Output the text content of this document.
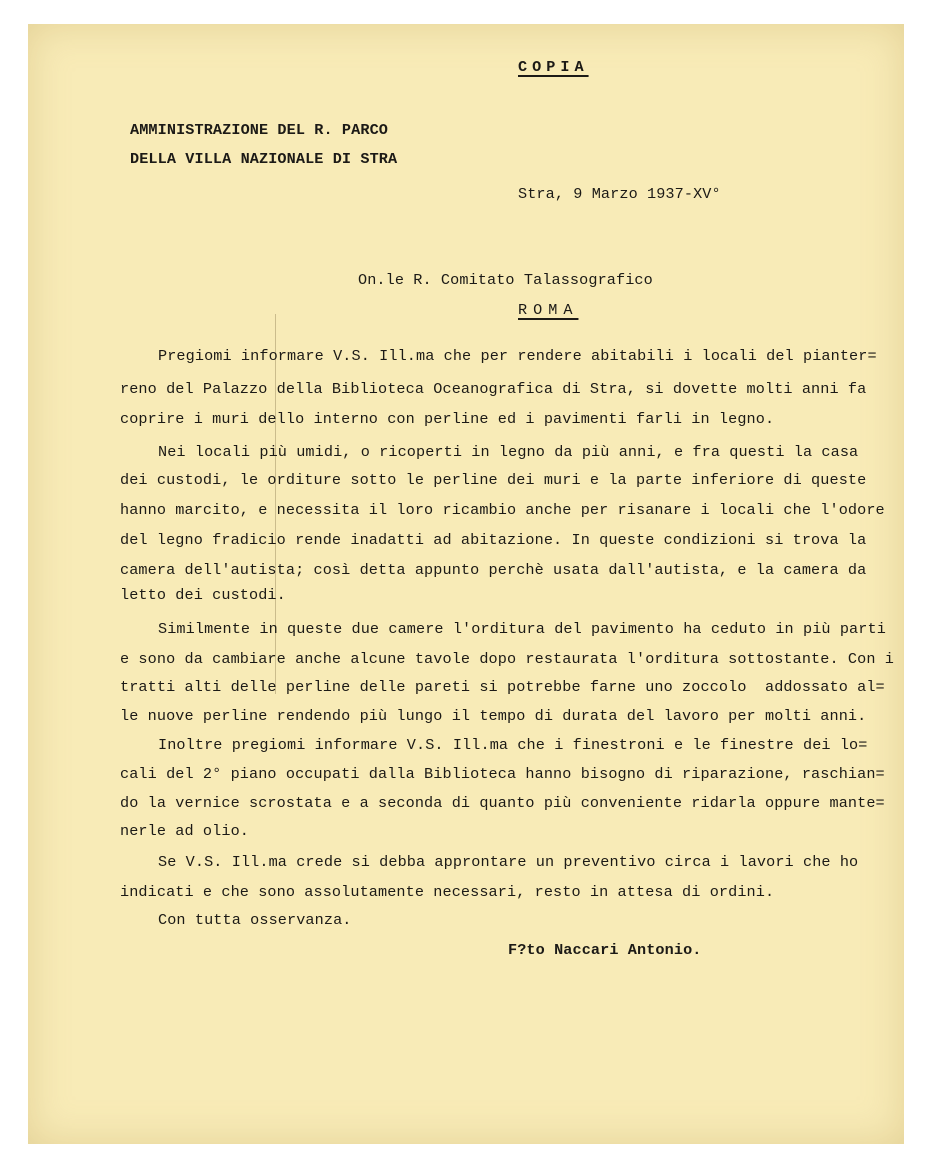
COPIA
AMMINISTRAZIONE DEL R. PARCO
DELLA VILLA NAZIONALE DI STRA
Stra, 9 Marzo 1937-XV°
On.le R. Comitato Talassografico
ROMA
Pregiomi informare V.S. Ill.ma che per rendere abitabili i locali del pianter=
reno del Palazzo della Biblioteca Oceanografica di Stra, si dovette molti anni fa
coprire i muri dello interno con perline ed i pavimenti farli in legno.
Nei locali più umidi, o ricoperti in legno da più anni, e fra questi la casa
dei custodi, le orditure sotto le perline dei muri e la parte inferiore di queste
hanno marcito, e necessita il loro ricambio anche per risanare i locali che l'odore
del legno fradicio rende inadatti ad abitazione. In queste condizioni si trova la
camera dell'autista; così detta appunto perchè usata dall'autista, e la camera da
letto dei custodi.
Similmente in queste due camere l'orditura del pavimento ha ceduto in più parti
e sono da cambiare anche alcune tavole dopo restaurata l'orditura sottostante. Con i
tratti alti delle perline delle pareti si potrebbe farne uno zoccolo  addossato al=
le nuove perline rendendo più lungo il tempo di durata del lavoro per molti anni.
Inoltre pregiomi informare V.S. Ill.ma che i finestroni e le finestre dei lo=
cali del 2° piano occupati dalla Biblioteca hanno bisogno di riparazione, raschian=
do la vernice scrostata e a seconda di quanto più conveniente ridarla oppure mante=
nerle ad olio.
Se V.S. Ill.ma crede si debba approntare un preventivo circa i lavori che ho
indicati e che sono assolutamente necessari, resto in attesa di ordini.
Con tutta osservanza.
F?to Naccari Antonio.
